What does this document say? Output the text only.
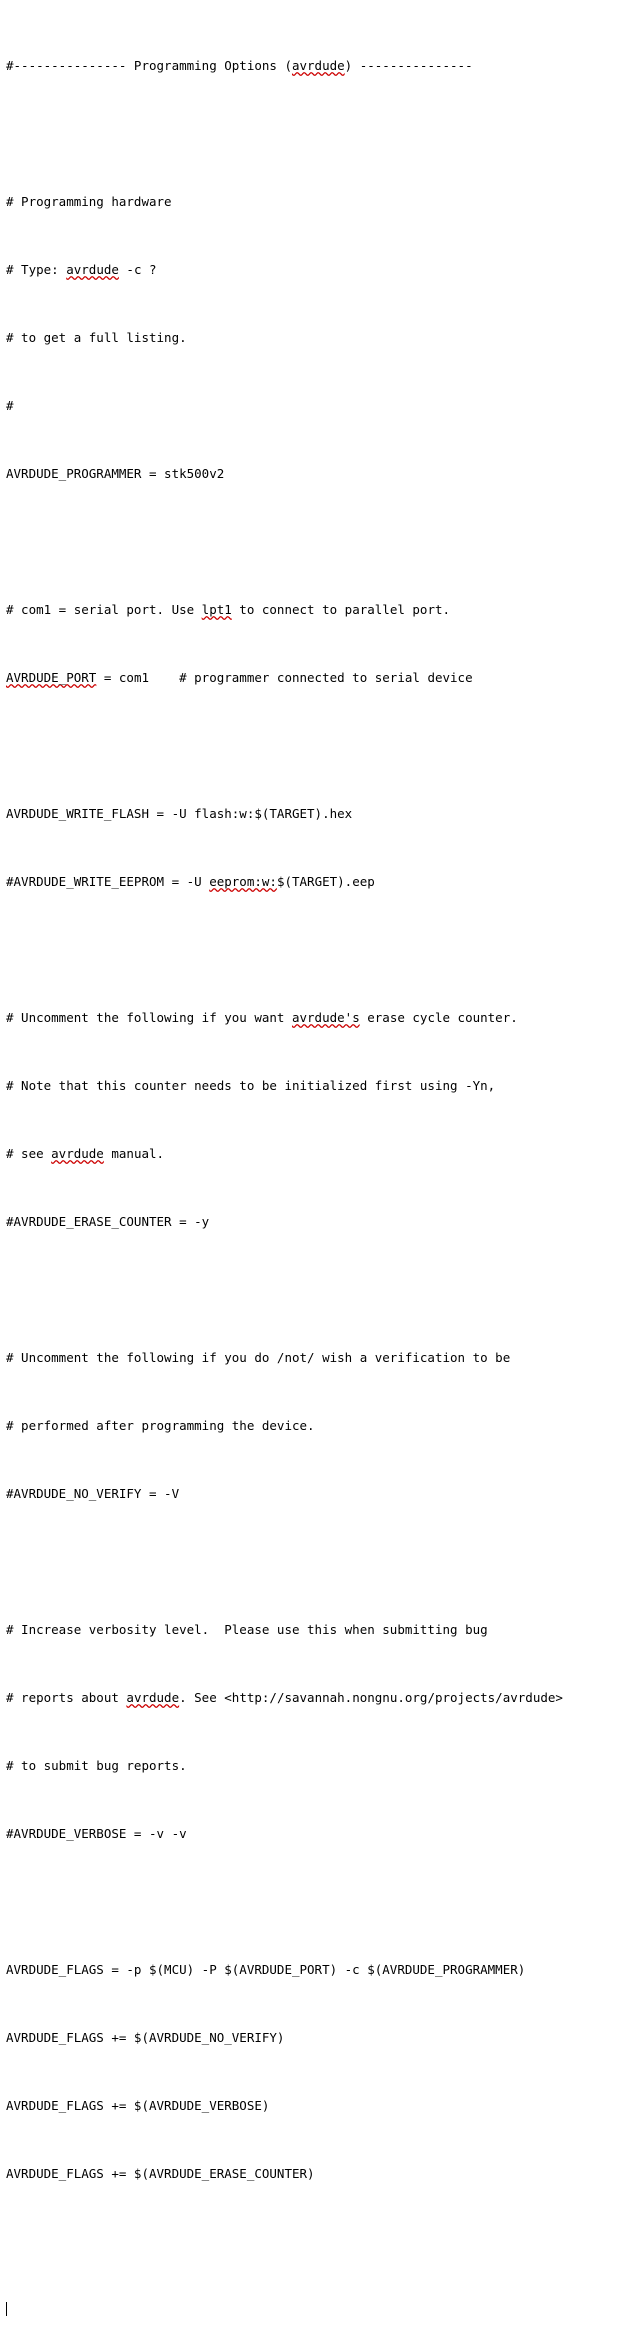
#--------------- Programming Options (avrdude) ---------------

# Programming hardware

# Type: avrdude -c ?

# to get a full listing.

#

AVRDUDE_PROGRAMMER = stk500v2

# com1 = serial port. Use lpt1 to connect to parallel port.

AVRDUDE_PORT = com1    # programmer connected to serial device

AVRDUDE_WRITE_FLASH = -U flash:w:$(TARGET).hex

#AVRDUDE_WRITE_EEPROM = -U eeprom:w:$(TARGET).eep

# Uncomment the following if you want avrdude's erase cycle counter.

# Note that this counter needs to be initialized first using -Yn,

# see avrdude manual.

#AVRDUDE_ERASE_COUNTER = -y

# Uncomment the following if you do /not/ wish a verification to be

# performed after programming the device.

#AVRDUDE_NO_VERIFY = -V

# Increase verbosity level.  Please use this when submitting bug

# reports about avrdude. See <http://savannah.nongnu.org/projects/avrdude>

# to submit bug reports.

#AVRDUDE_VERBOSE = -v -v

AVRDUDE_FLAGS = -p $(MCU) -P $(AVRDUDE_PORT) -c $(AVRDUDE_PROGRAMMER)

AVRDUDE_FLAGS += $(AVRDUDE_NO_VERIFY)

AVRDUDE_FLAGS += $(AVRDUDE_VERBOSE)

AVRDUDE_FLAGS += $(AVRDUDE_ERASE_COUNTER)
